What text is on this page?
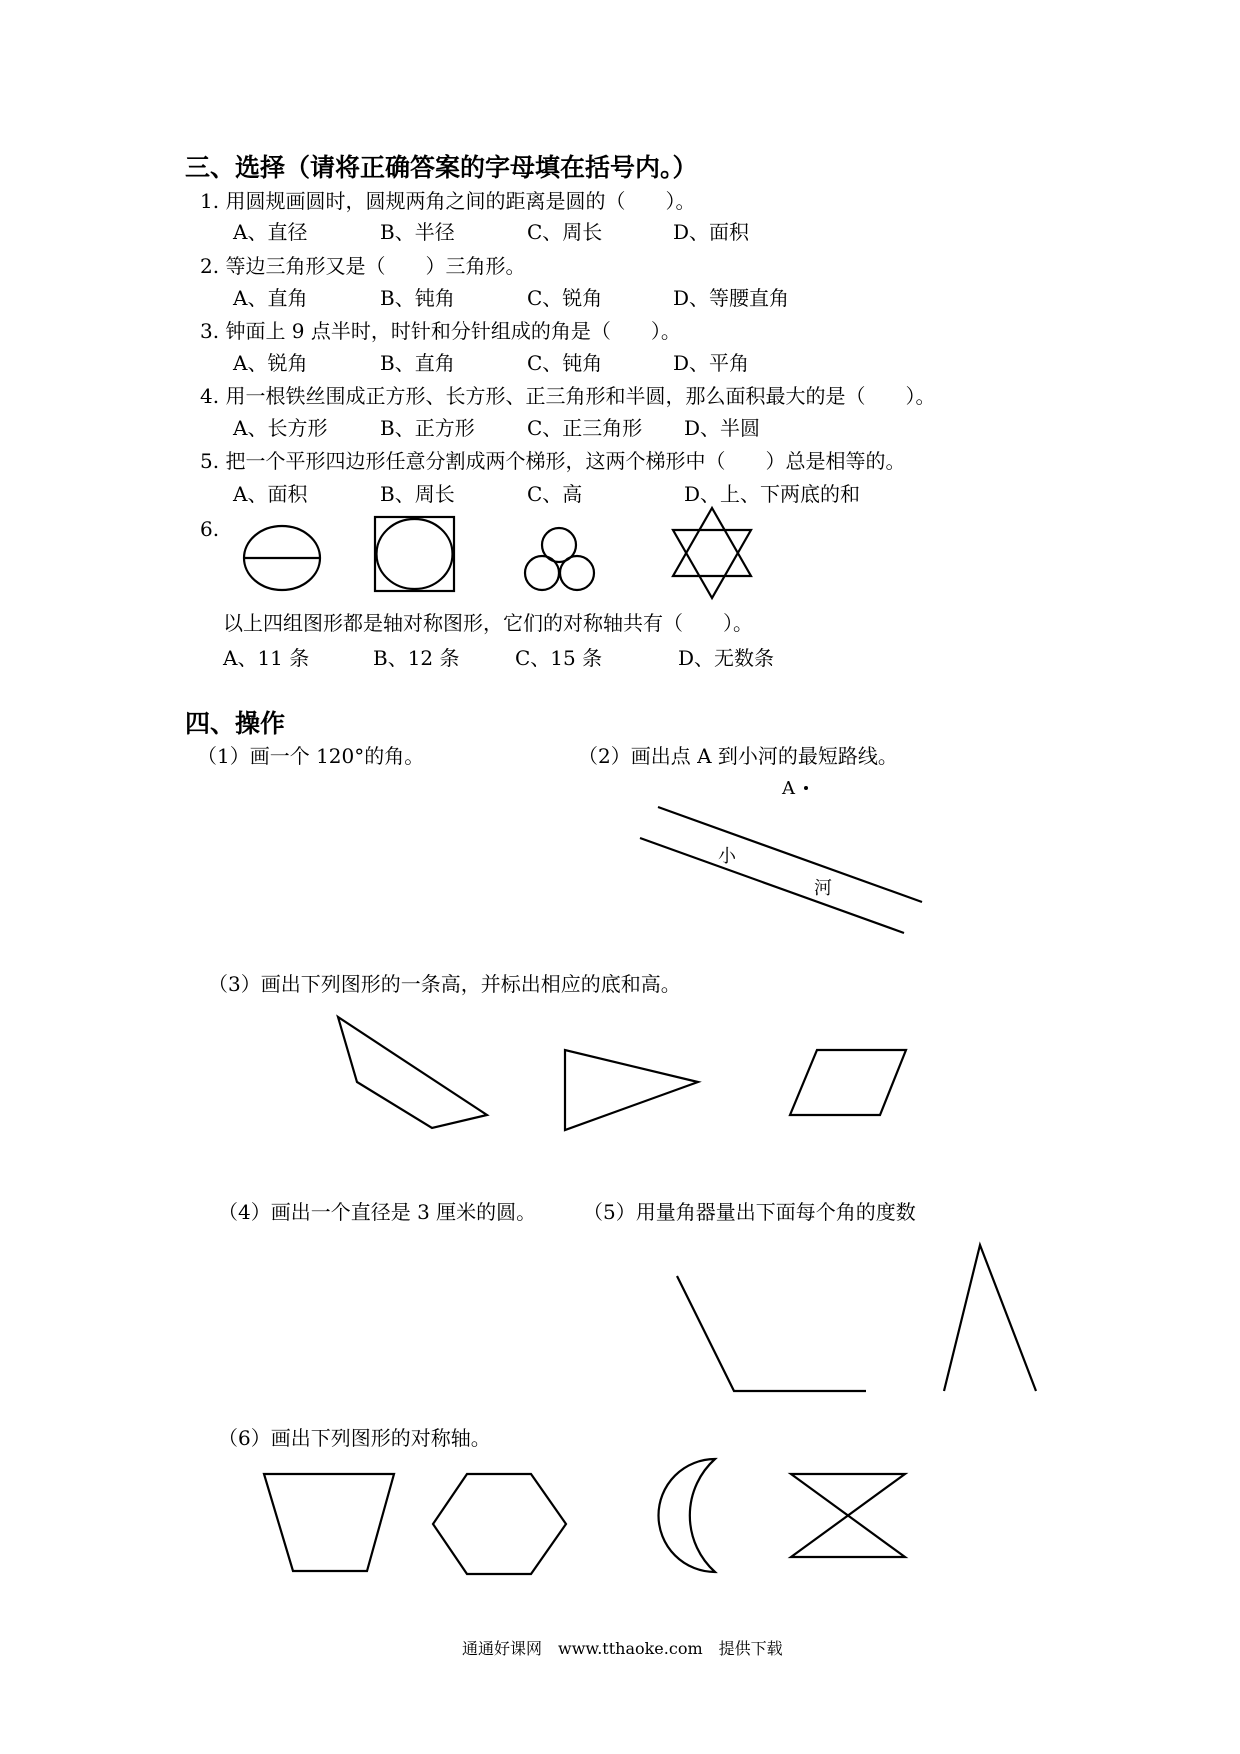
三、选择（请将正确答案的字母填在括号内。）
1. 用圆规画圆时，圆规两角之间的距离是圆的（　　）。
A、直径	B、半径	C、周长	D、面积
2. 等边三角形又是（　　）三角形。
A、直角	B、钝角	C、锐角	D、等腰直角
3. 钟面上 9 点半时，时针和分针组成的角是（　　）。
A、锐角	B、直角	C、钝角	D、平角
4. 用一根铁丝围成正方形、长方形、正三角形和半圆，那么面积最大的是（　　）。
A、长方形	B、正方形	C、正三角形 D、半圆
5. 把一个平形四边形任意分割成两个梯形，这两个梯形中（　　）总是相等的。
A、面积	B、周长	C、高	D、上、下两底的和
6.
以上四组图形都是轴对称图形，它们的对称轴共有（　　）。
A、11 条	B、12 条	C、15 条	D、无数条
四、操作
（1）画一个 120°的角。	（2）画出点 A 到小河的最短路线。
（3）画出下列图形的一条高，并标出相应的底和高。
（4）画出一个直径是 3 厘米的圆。 （5）用量角器量出下面每个角的度数
（6）画出下列图形的对称轴。
A
小
河
通通好课网　www.tthaoke.com　提供下载
